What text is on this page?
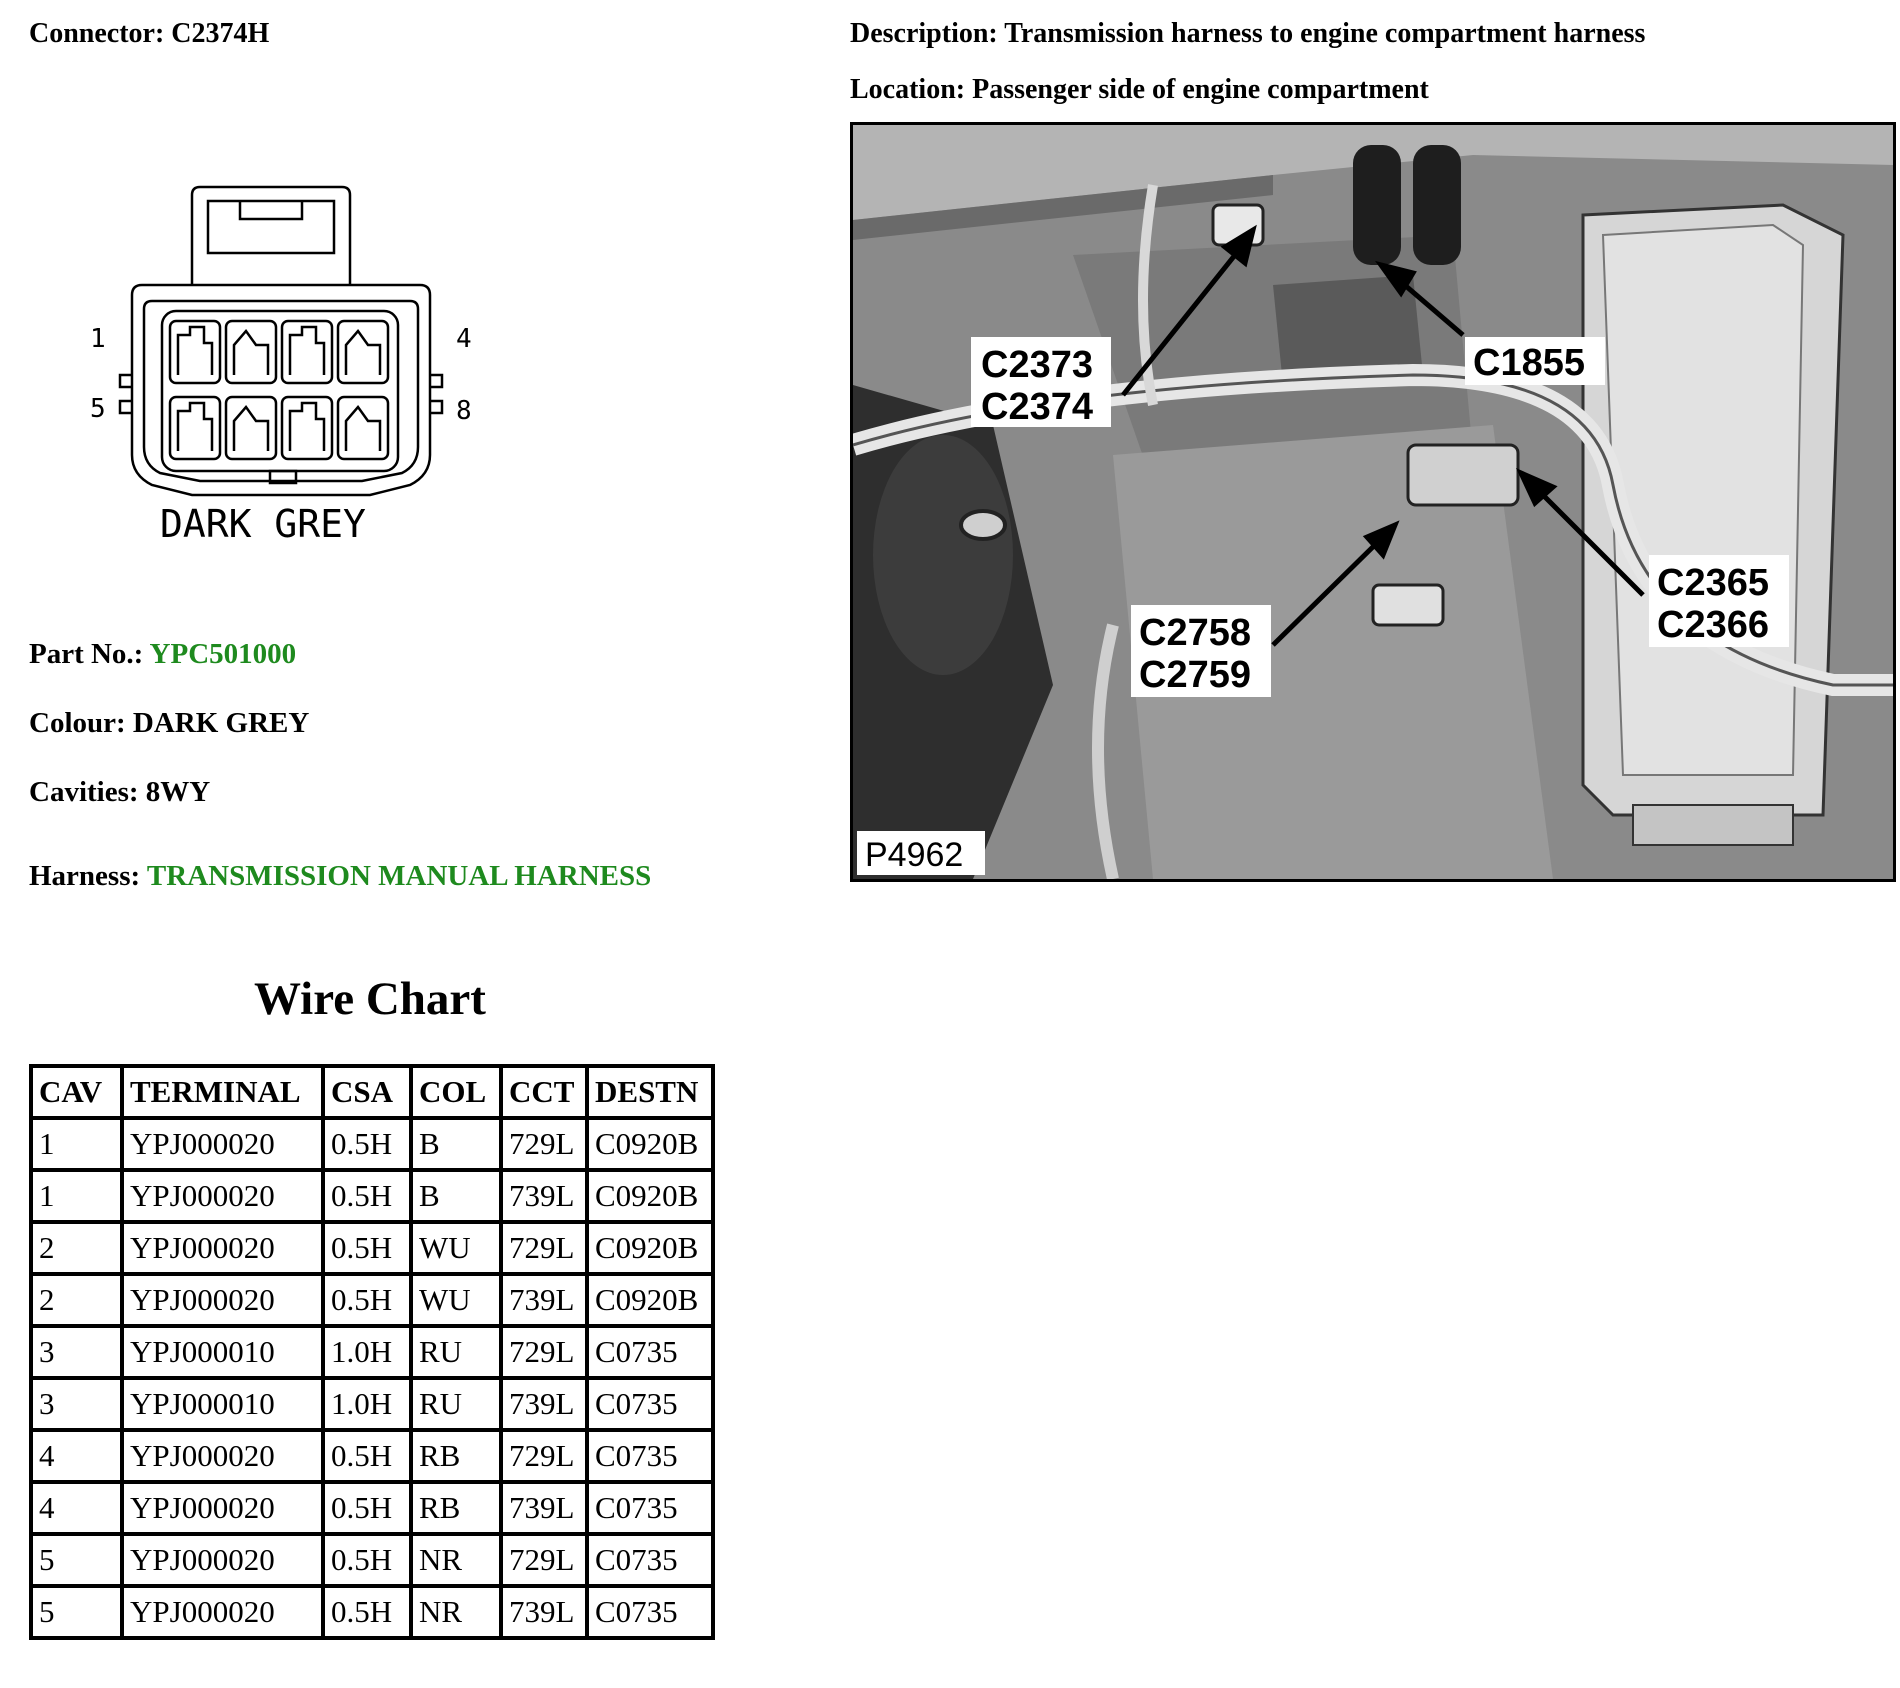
Connector: C2374H	Description: Transmission harness to engine compartment harness
Location: Passenger side of engine compartment
1	4
5	8
DARK GREY
C2373
C2374
C1855
C2365
C2366
C2758
C2759
P4962
Part No.: YPC501000
Colour: DARK GREY
Cavities: 8WY
Harness: TRANSMISSION MANUAL HARNESS
Wire Chart
CAV	TERMINAL	CSA	COL	CCT	DESTN
1	YPJ000020	0.5H	B	729L	C0920B
1	YPJ000020	0.5H	B	739L	C0920B
2	YPJ000020	0.5H	WU	729L	C0920B
2	YPJ000020	0.5H	WU	739L	C0920B
3	YPJ000010	1.0H	RU	729L	C0735
3	YPJ000010	1.0H	RU	739L	C0735
4	YPJ000020	0.5H	RB	729L	C0735
4	YPJ000020	0.5H	RB	739L	C0735
5	YPJ000020	0.5H	NR	729L	C0735
5	YPJ000020	0.5H	NR	739L	C0735
